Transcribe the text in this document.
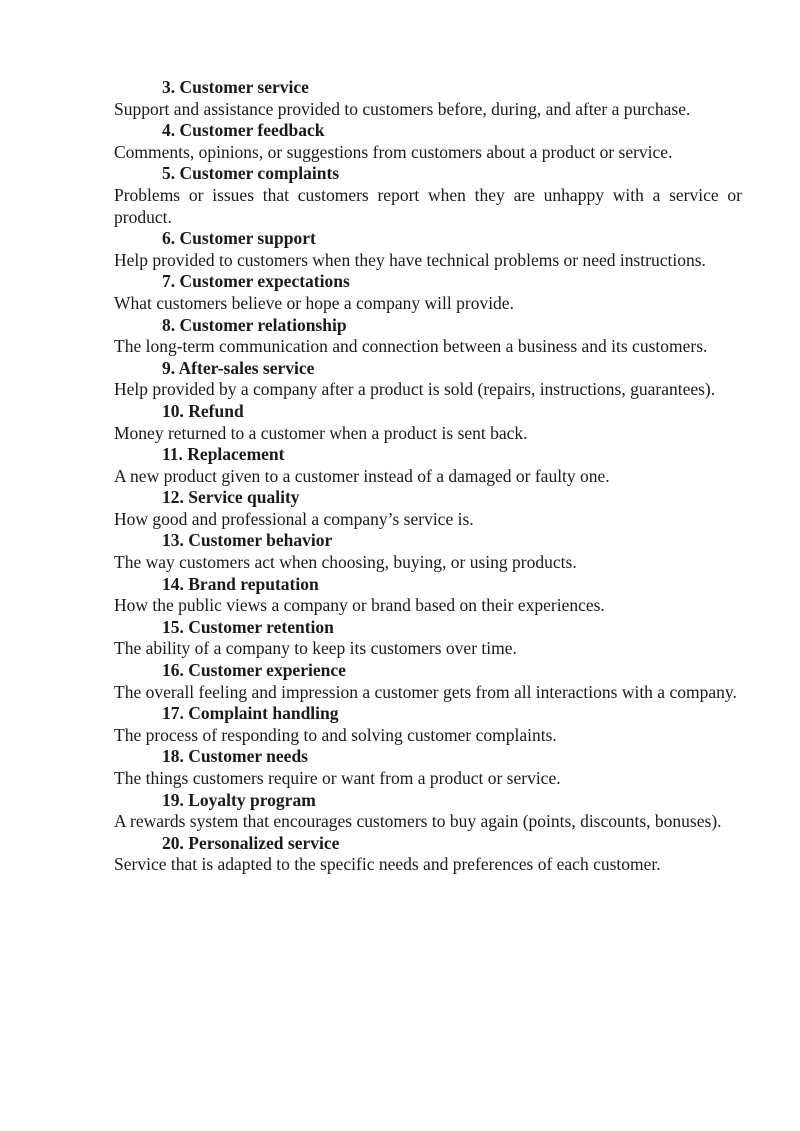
3. Customer service

Support and assistance provided to customers before, during, and after a purchase.

4. Customer feedback

Comments, opinions, or suggestions from customers about a product or service.

5. Customer complaints

Problems or issues that customers report when they are unhappy with a service or product.

6. Customer support

Help provided to customers when they have technical problems or need instructions.

7. Customer expectations

What customers believe or hope a company will provide.

8. Customer relationship

The long-term communication and connection between a business and its customers.

9. After-sales service

Help provided by a company after a product is sold (repairs, instructions, guarantees).

10. Refund

Money returned to a customer when a product is sent back.

11. Replacement

A new product given to a customer instead of a damaged or faulty one.

12. Service quality

How good and professional a company’s service is.

13. Customer behavior

The way customers act when choosing, buying, or using products.

14. Brand reputation

How the public views a company or brand based on their experiences.

15. Customer retention

The ability of a company to keep its customers over time.

16. Customer experience

The overall feeling and impression a customer gets from all interactions with a company.

17. Complaint handling

The process of responding to and solving customer complaints.

18. Customer needs

The things customers require or want from a product or service.

19. Loyalty program

A rewards system that encourages customers to buy again (points, discounts, bonuses).

20. Personalized service

Service that is adapted to the specific needs and preferences of each customer.
